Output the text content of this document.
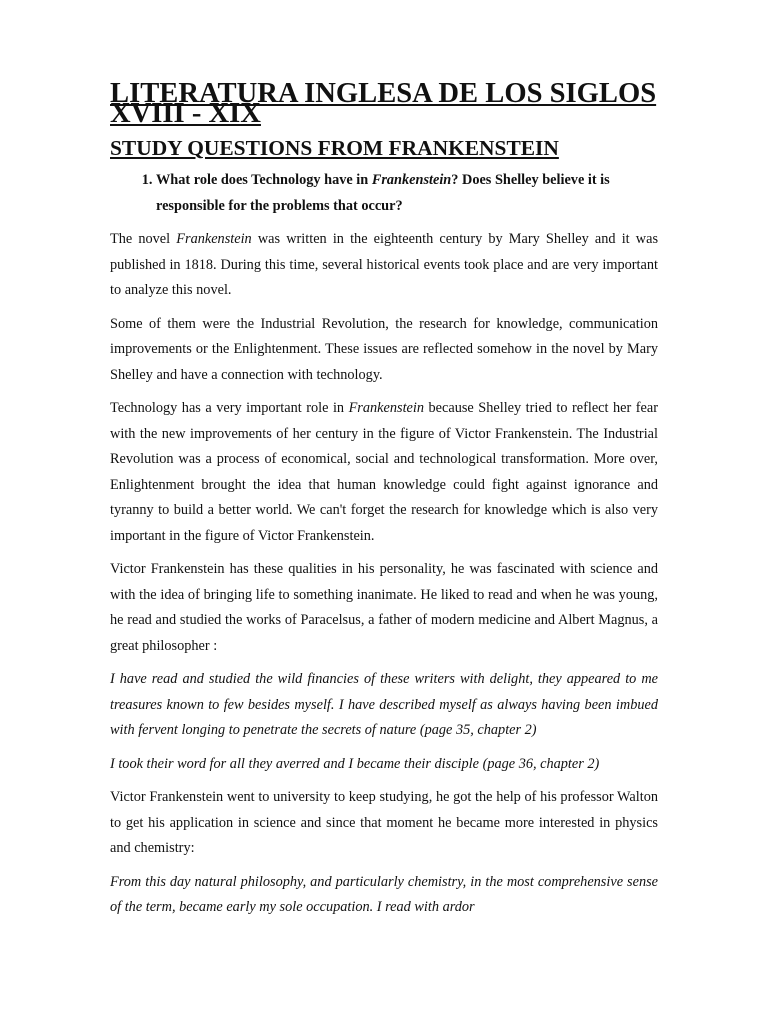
LITERATURA INGLESA DE LOS SIGLOS XVIII - XIX
STUDY QUESTIONS FROM FRANKENSTEIN
1. What role does Technology have in Frankenstein? Does Shelley believe it is responsible for the problems that occur?

The novel Frankenstein was written in the eighteenth century by Mary Shelley and it was published in 1818. During this time, several historical events took place and are very important to analyze this novel.

Some of them were the Industrial Revolution, the research for knowledge, communication improvements or the Enlightenment. These issues are reflected somehow in the novel by Mary Shelley and have a connection with technology.

Technology has a very important role in Frankenstein because Shelley tried to reflect her fear with the new improvements of her century in the figure of Victor Frankenstein. The Industrial Revolution was a process of economical, social and technological transformation. More over, Enlightenment brought the idea that human knowledge could fight against ignorance and tyranny to build a better world. We can't forget the research for knowledge which is also very important in the figure of Victor Frankenstein.

Victor Frankenstein has these qualities in his personality, he was fascinated with science and with the idea of bringing life to something inanimate. He liked to read and when he was young, he read and studied the works of Paracelsus, a father of modern medicine and Albert Magnus, a great philosopher :

I have read and studied the wild financies of these writers with delight, they appeared to me treasures known to few besides myself. I have described myself as always having been imbued with fervent longing to penetrate the secrets of nature (page 35, chapter 2)

I took their word for all they averred and I became their disciple (page 36, chapter 2)

Victor Frankenstein went to university to keep studying, he got the help of his professor Walton to get his application in science and since that moment he became more interested in physics and chemistry:

From this day natural philosophy, and particularly chemistry, in the most comprehensive sense of the term, became early my sole occupation. I read with ardor
